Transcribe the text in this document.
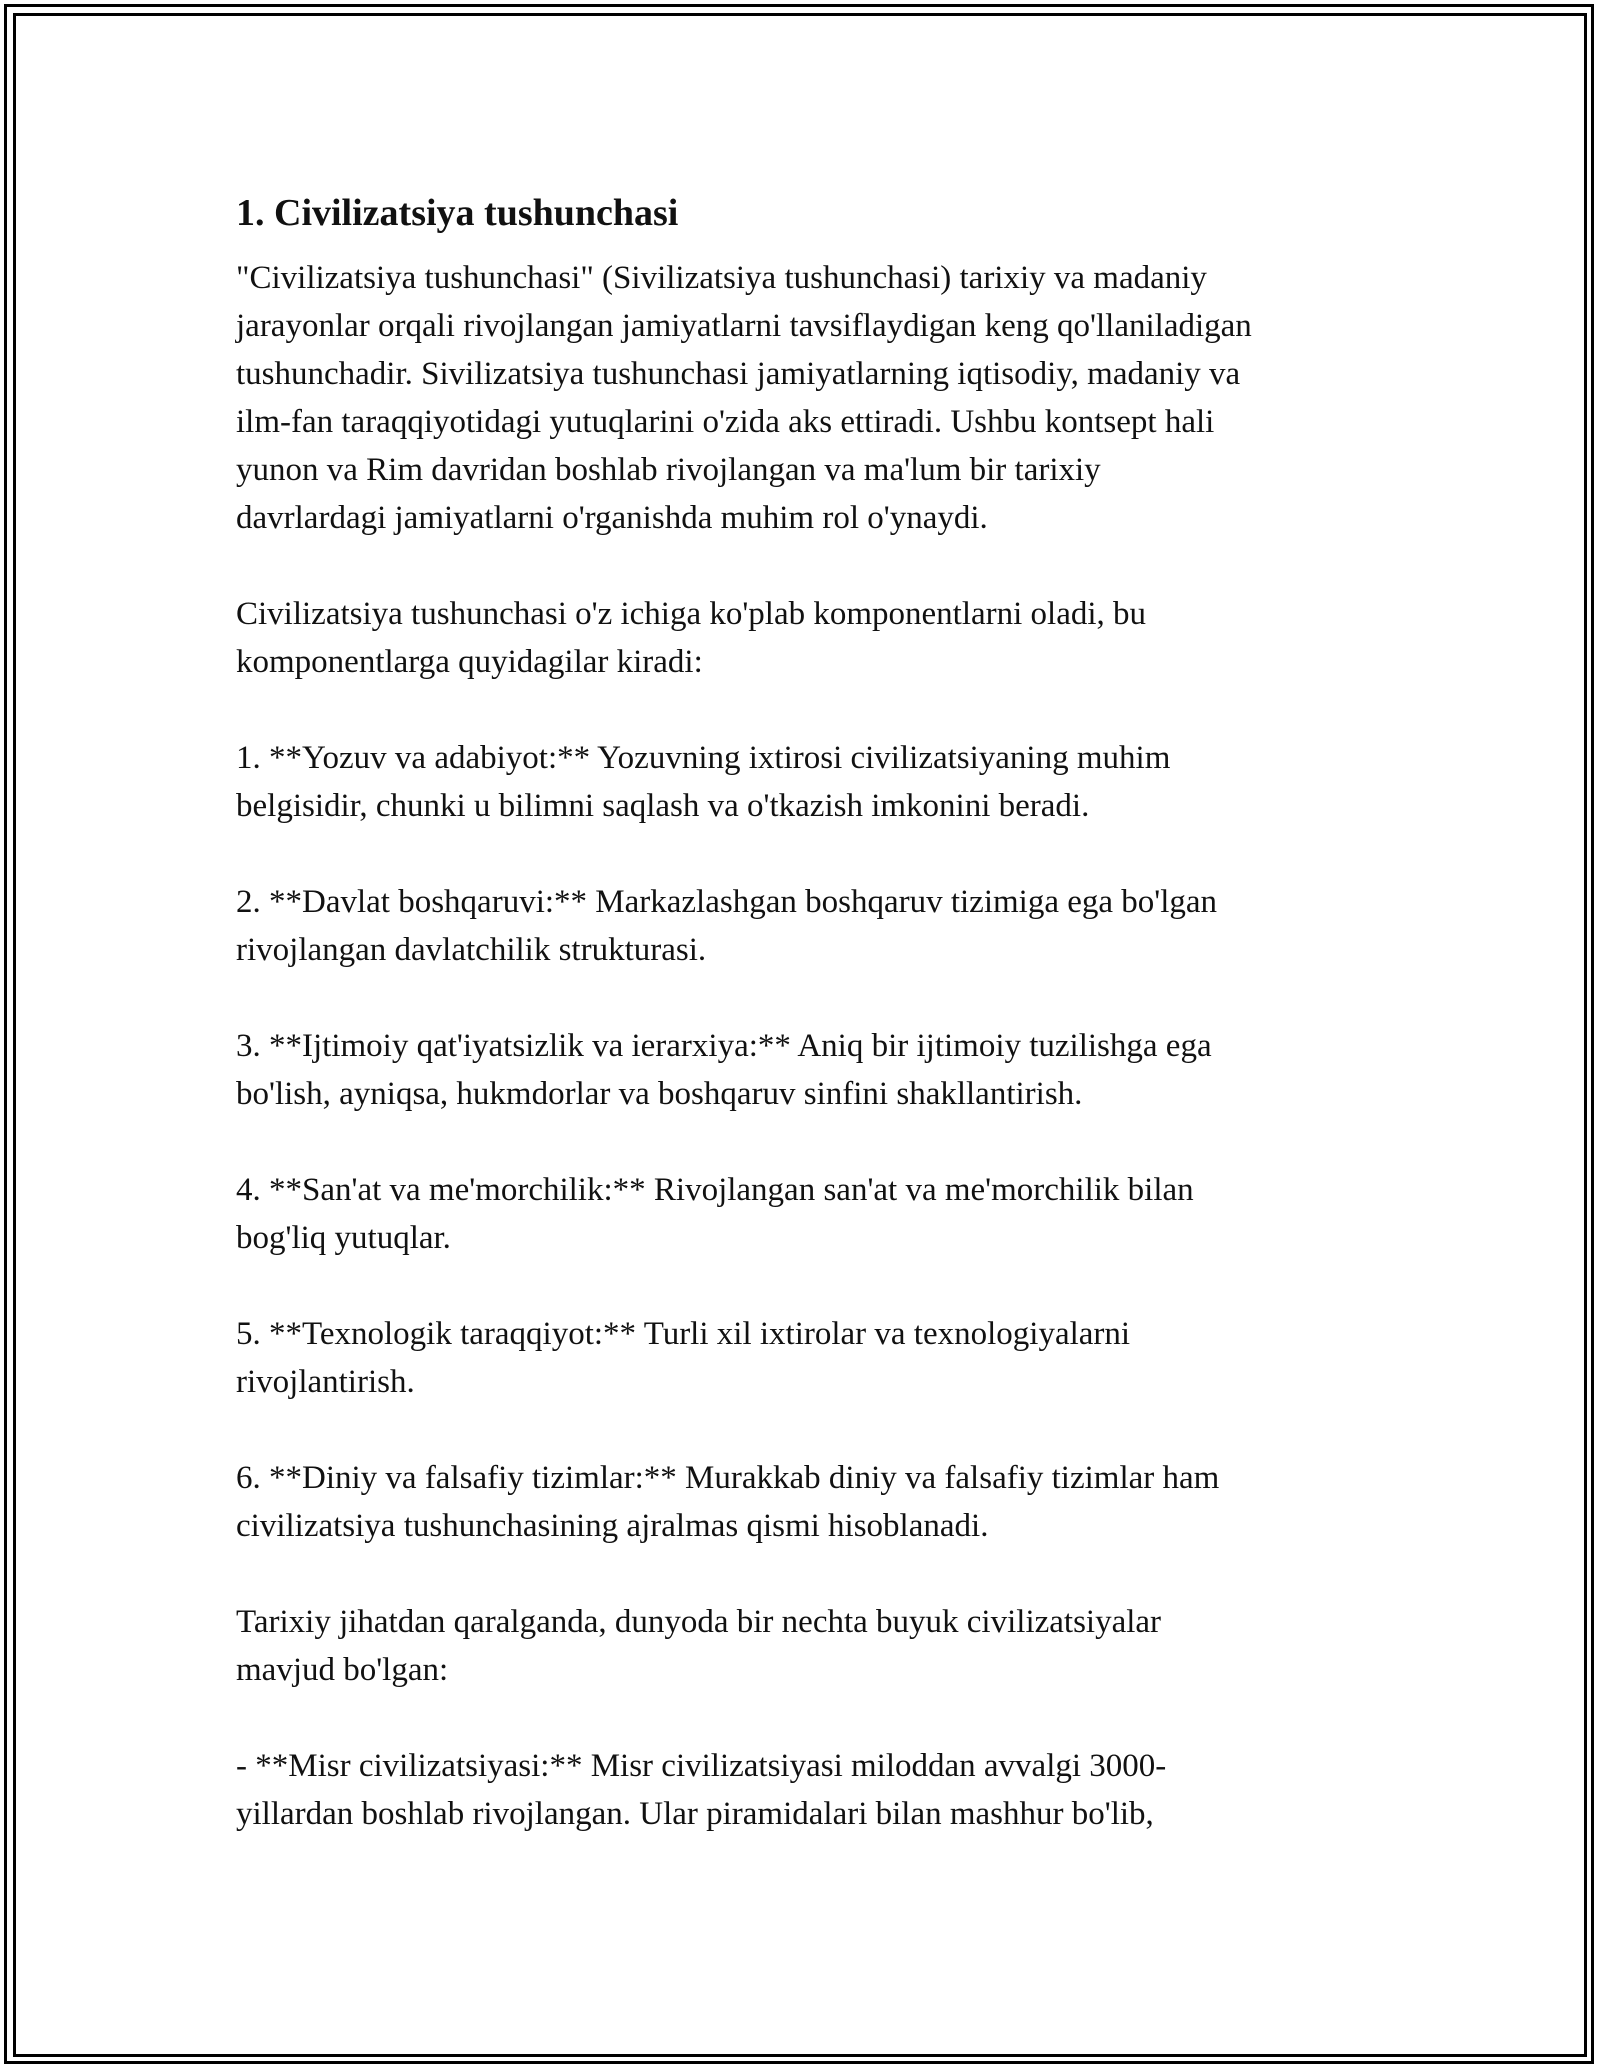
1. Civilizatsiya tushunchasi

"Civilizatsiya tushunchasi" (Sivilizatsiya tushunchasi) tarixiy va madaniy
jarayonlar orqali rivojlangan jamiyatlarni tavsiflaydigan keng qo'llaniladigan
tushunchadir. Sivilizatsiya tushunchasi jamiyatlarning iqtisodiy, madaniy va
ilm-fan taraqqiyotidagi yutuqlarini o'zida aks ettiradi. Ushbu kontsept hali
yunon va Rim davridan boshlab rivojlangan va ma'lum bir tarixiy
davrlardagi jamiyatlarni o'rganishda muhim rol o'ynaydi.

Civilizatsiya tushunchasi o'z ichiga ko'plab komponentlarni oladi, bu
komponentlarga quyidagilar kiradi:

1. **Yozuv va adabiyot:** Yozuvning ixtirosi civilizatsiyaning muhim
belgisidir, chunki u bilimni saqlash va o'tkazish imkonini beradi.

2. **Davlat boshqaruvi:** Markazlashgan boshqaruv tizimiga ega bo'lgan
rivojlangan davlatchilik strukturasi.

3. **Ijtimoiy qat'iyatsizlik va ierarxiya:** Aniq bir ijtimoiy tuzilishga ega
bo'lish, ayniqsa, hukmdorlar va boshqaruv sinfini shakllantirish.

4. **San'at va me'morchilik:** Rivojlangan san'at va me'morchilik bilan
bog'liq yutuqlar.

5. **Texnologik taraqqiyot:** Turli xil ixtirolar va texnologiyalarni
rivojlantirish.

6. **Diniy va falsafiy tizimlar:** Murakkab diniy va falsafiy tizimlar ham
civilizatsiya tushunchasining ajralmas qismi hisoblanadi.

Tarixiy jihatdan qaralganda, dunyoda bir nechta buyuk civilizatsiyalar
mavjud bo'lgan:

- **Misr civilizatsiyasi:** Misr civilizatsiyasi miloddan avvalgi 3000-
yillardan boshlab rivojlangan. Ular piramidalari bilan mashhur bo'lib,
